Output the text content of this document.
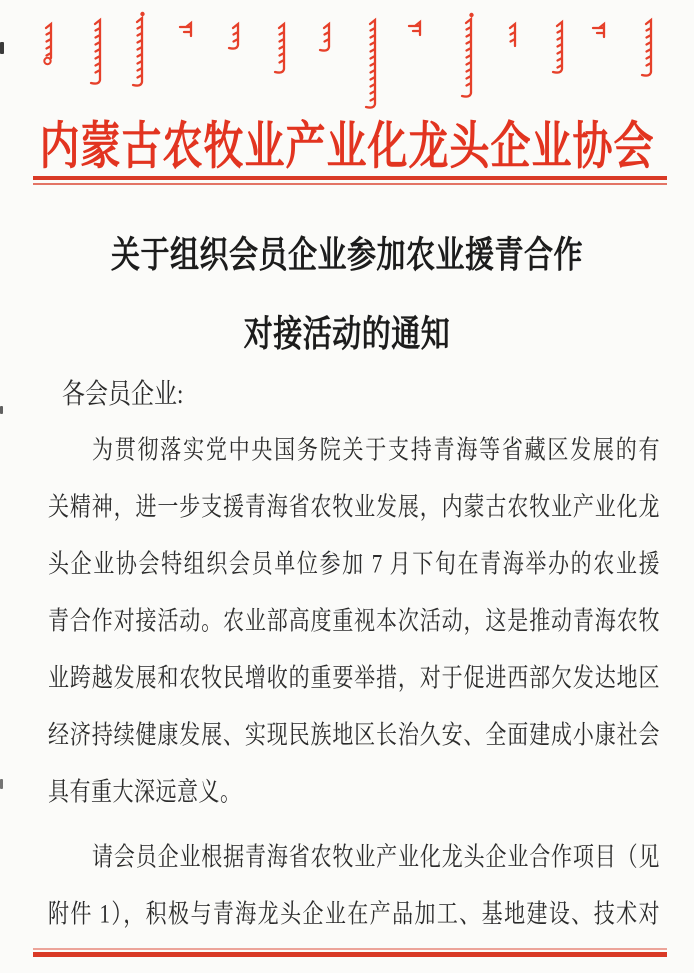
内蒙古农牧业产业化龙头企业协会
关于组织会员企业参加农业援青合作
对接活动的通知
各会员企业:
为贯彻落实党中央国务院关于支持青海等省藏区发展的有
关精神，进一步支援青海省农牧业发展，内蒙古农牧业产业化龙
头企业协会特组织会员单位参加 7 月下旬在青海举办的农业援
青合作对接活动。农业部高度重视本次活动，这是推动青海农牧
业跨越发展和农牧民增收的重要举措，对于促进西部欠发达地区
经济持续健康发展、实现民族地区长治久安、全面建成小康社会
具有重大深远意义。
请会员企业根据青海省农牧业产业化龙头企业合作项目（见
附件 1），积极与青海龙头企业在产品加工、基地建设、技术对
